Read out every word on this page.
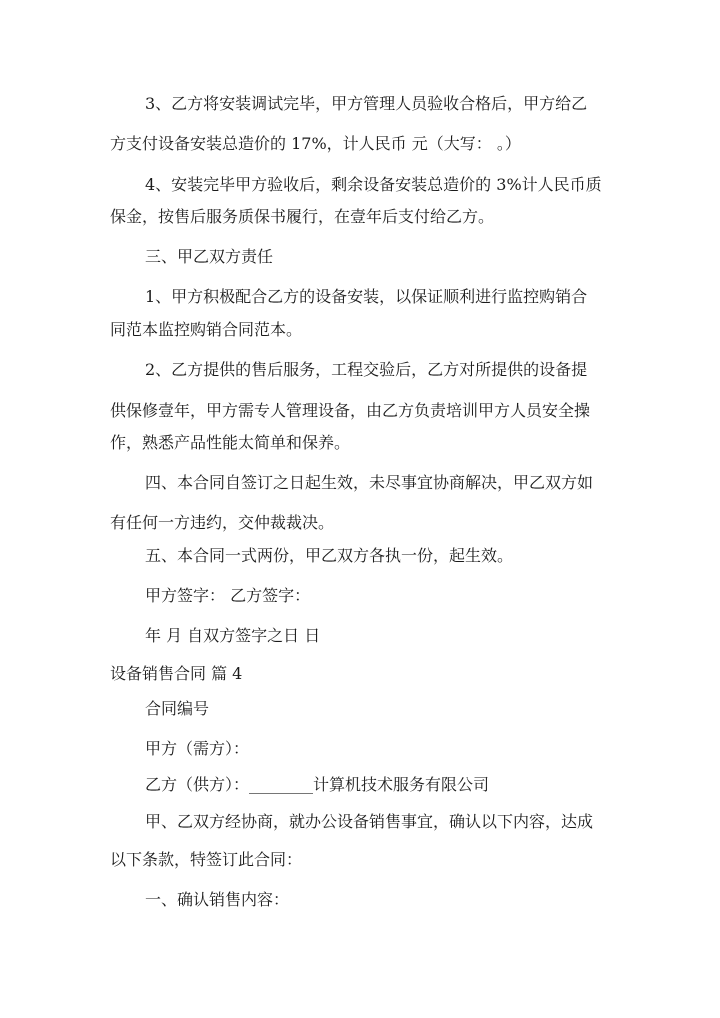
3、乙方将安装调试完毕，甲方管理人员验收合格后，甲方给乙
方支付设备安装总造价的 17%，计人民币 元（大写： 。）
4、安装完毕甲方验收后，剩余设备安装总造价的 3%计人民币质
保金，按售后服务质保书履行，在壹年后支付给乙方。
三、甲乙双方责任
1、甲方积极配合乙方的设备安装，以保证顺利进行监控购销合
同范本监控购销合同范本。
2、乙方提供的售后服务，工程交验后，乙方对所提供的设备提
供保修壹年，甲方需专人管理设备，由乙方负责培训甲方人员安全操
作，熟悉产品性能太简单和保养。
四、本合同自签订之日起生效，未尽事宜协商解决，甲乙双方如
有任何一方违约，交仲裁裁决。
五、本合同一式两份，甲乙双方各执一份，起生效。
甲方签字： 乙方签字：
年 月 自双方签字之日 日
设备销售合同 篇 4
合同编号
甲方（需方）：
乙方（供方）：________计算机技术服务有限公司
甲、乙双方经协商，就办公设备销售事宜，确认以下内容，达成
以下条款，特签订此合同：
一、确认销售内容：
